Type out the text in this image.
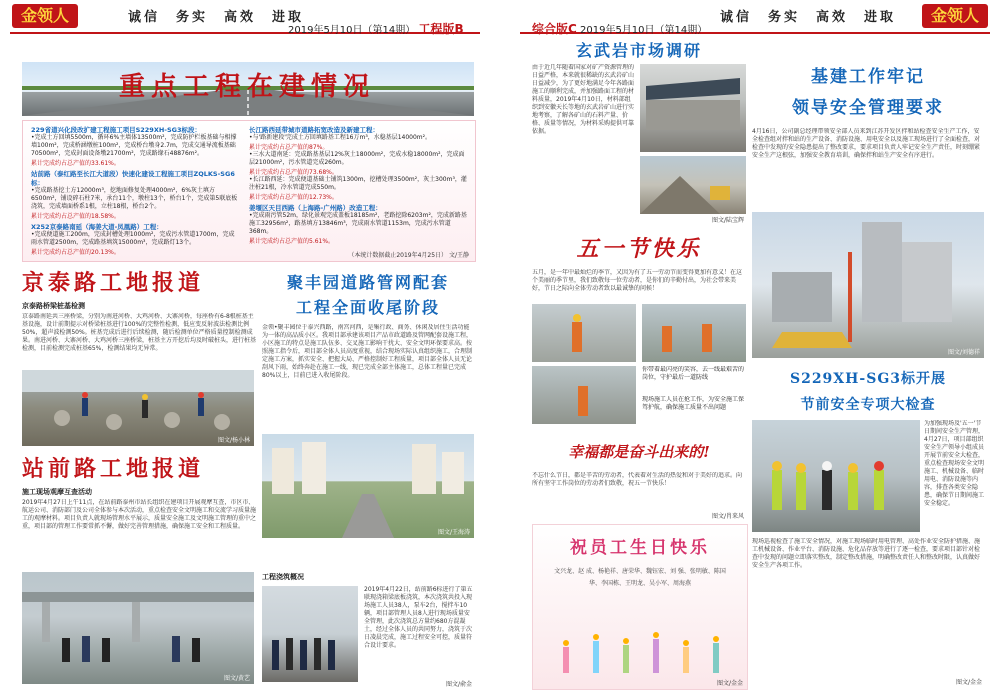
金领人	诚信　务实　高效　进取
2019年5月10日（第14期） 工程版B
重点工程在建情况
229省道兴化段改扩建工程施工项目S229XH-SG3标段：
•完成土方回填5500m，循环6%主墙体13500m²，完成防护栏板基础与相撑墙100m²，完成桥涵墩桩100m²，完成桥台墩身2.7m，完成交通导流板基础70500m²，完成封面设备墩21700m²，完成路缘石48876m²。
累计完成约占总产值的33.61%。
站前路（泰红路至长江大道段）快速化建设工程施工项目ZQLKS-SG6标：
•完成路基挖土方12000m³，挖地面修复处理4000m²，6%灰土填方6500m²，铺设碎石柱7米，承台11个，墩柱13个，桥台1个，完成第5联底板浇筑，完成墙面桥系1根，立柱18根，桥台2个。
累计完成约占总产值的18.58%。
X252京泰路南延（海姜大道-凤凰路）工程：
•完成便道施工200m，完成封槽处理1000m²，完成污水管道1700m，完成雨水管道2500m，完成路基填筑15000m³，完成路灯13个。
累计完成约占总产值的20.13%。
长江路西延带城市道路拓宽改造及新建工程：
•与'路新建段'完成土方回填路基工程16万m³，水稳基层14000m²。
累计完成约占总产值的87%。
•三水大道南延：完成路基基层12%灰土18000m²，完成水稳18000m²，完成面层21000m²，污水管道完成260m。
累计完成约占总产值的73.68%。
•长江路西延：完成便道基础土铺筑1300m，挖槽处理3500m²，灰土300m³，灌注桩21根，冷水管道完成550m。
累计完成约占总产值的12.73%。
姜堰区天目西路（上海路-广州路）改造工程：
•完成雨污管52m，绿化景观完成盖板18185m²，老路挖除6203m²，完成新路基施工32956m²，路基填方13846m³，完成雨水管道1153m，完成污水管道368m。
累计完成约占总产值的5.61%。
（本统计数据截止2019年4月25日） 文/王静
京泰路工地报道
京泰路桥梁桩基检测
京泰路南延共三座桥梁，分别为南进河桥、大鸡河桥、大寨河桥，每座桥有6-8根桩基主基设施，设计前期提示对桥梁桩基进行100%的完整性检测，低应变反射波法检测比例50%，超声波检测50%。桩基完成后进行后续检测，随后检测单位严格质量控制检测成果。南进河桥、大寨河桥、大鸡河桥三座桥梁，桩基主方开挖后均及时破桩头，进行桩基检测，目前检测完成桩基65%，检测结果均无异常。
图文/杨小林
聚丰园道路管网配套
工程全面收尾阶段
金领•聚丰园位于泰兴西路，南宫河西，是集行政、商务、休闲及居住生活功能为一体的高品质小区。我项目部承建该项目产品市政道路及管网配套设施工程，小区施工的特点是施工队伍多、交叉施工影响干扰大、安全文明环保要求高。按照施工指令后，项目部全体人员高度重视，结合现场实际认真组织施工，合理制定施工方案，抓实安全、把握大局、严格控制好工程质量，项目部全体人员无论刮风下雨，始终奔赴在施工一线，现已完成全部主体施工，总体工程量已完成80%以上，目前已进入收尾阶段。
图文/王海涛
站前路工地报道
施工现场观摩互查活动
2019年4月27日上午11点，在站前路泰州市站长组织在建项目开展观摩互查，市区市、航运公司、消防部门及公司全体参与本次活动，重点检查安全文明施工和交流学习质量施工的观摩材料。项目负责人就现场管理水平展示，质量安全施工及文明施工管理的重中之重，项目部的管理工作要常抓不懈，做好完善管理措施，确保施工安全和工程质量。
图文/黄艺
工程浇筑概况
2019年4月22日，站前路6标进行了第五联现浇箱梁底板浇筑，本次浇筑共投入现场施工人员38人，泵车2台，搅拌车10辆，项目部管理人员8人进行现场质量安全管理，此次浇筑总方量约680方混凝土，经过全体人员的共同努力，浇筑于次日凌晨完成，施工过程安全可控，质量符合设计要求。
图文/俞金
综合版C 2019年5月10日（第14期）
诚信　务实　高效　进取	金领人
玄武岩市场调研
由于近几年随着国家对矿产资源管理的日益严格，本来就很稀缺的玄武岩矿山日益减少，为了更好地满足今年各路面施工的顺利完成，并加强路面工程的材料质量，2019年4月10日，材料部组织到安徽天长等地的玄武岩矿山进行实地考察，了解各矿山的石料产量、价格、质量等情况，为材料采购提供可靠依据。
图文/陆宝辉
五一节快乐
五月，是一年中最灿烂的季节，又因为有了五一劳动节而变得更加有意义！在这个美丽的季节里，我们致敬每一位劳动者，是你们的辛勤付出，为社会带来美好，节日之际向全体劳动者致以最诚挚的问候！
你带着最闪亮的笑容，去一线最艰苦的岗位，守护最后一道防线
现场施工人员在抢工作，为安全施工保驾护航，确保施工质量不出问题
幸福都是奋斗出来的!
不忘什么节日，都是辛苦的劳动者，代表着对生活的热爱和对于美好的追求。向所有坚守工作岗位的劳动者们致敬，祝五一节快乐！
图文/肖来风
祝员工生日快乐
文兴龙、赵 成、杨艳祥、唐荣华、魏钰宏、刘 强、张明敏、陈国华、李国栋、王明龙、吴小军、周海燕
图文/金金
基建工作牢记
领导安全管理要求
4月16日，公司副总经理带领安全部人员来到江苏开发区拌和站检查安全生产工作，安全检查组对拌和站的生产设备、消防设施、用电安全以及施工现场进行了全面检查，对检查中发现的安全隐患提出了整改要求，要求项目负责人牢记安全生产责任，时刻绷紧安全生产这根弦，加强安全教育培训，确保拌和站生产安全有序进行。
图文/刘德祥
S229XH-SG3标开展
节前安全专项大检查
为加强现场及'五一'节日期间安全生产管理，4月27日，项目部组织安全生产领导小组成员开展节前安全大检查，重点检查现场安全文明施工、机械设备、临时用电、消防设施等内容，排查各类安全隐患，确保节日期间施工安全稳定。
现场巡视检查了施工安全情况，对施工现场临时用电管理、高处作业安全防护措施、施工机械设备、作业平台、消防设施、危化品存放等进行了逐一检查，要求项目部针对检查中发现的问题立即落实整改，制定整改措施，明确整改责任人和整改时限，认真做好安全生产各项工作。
图文/金金
